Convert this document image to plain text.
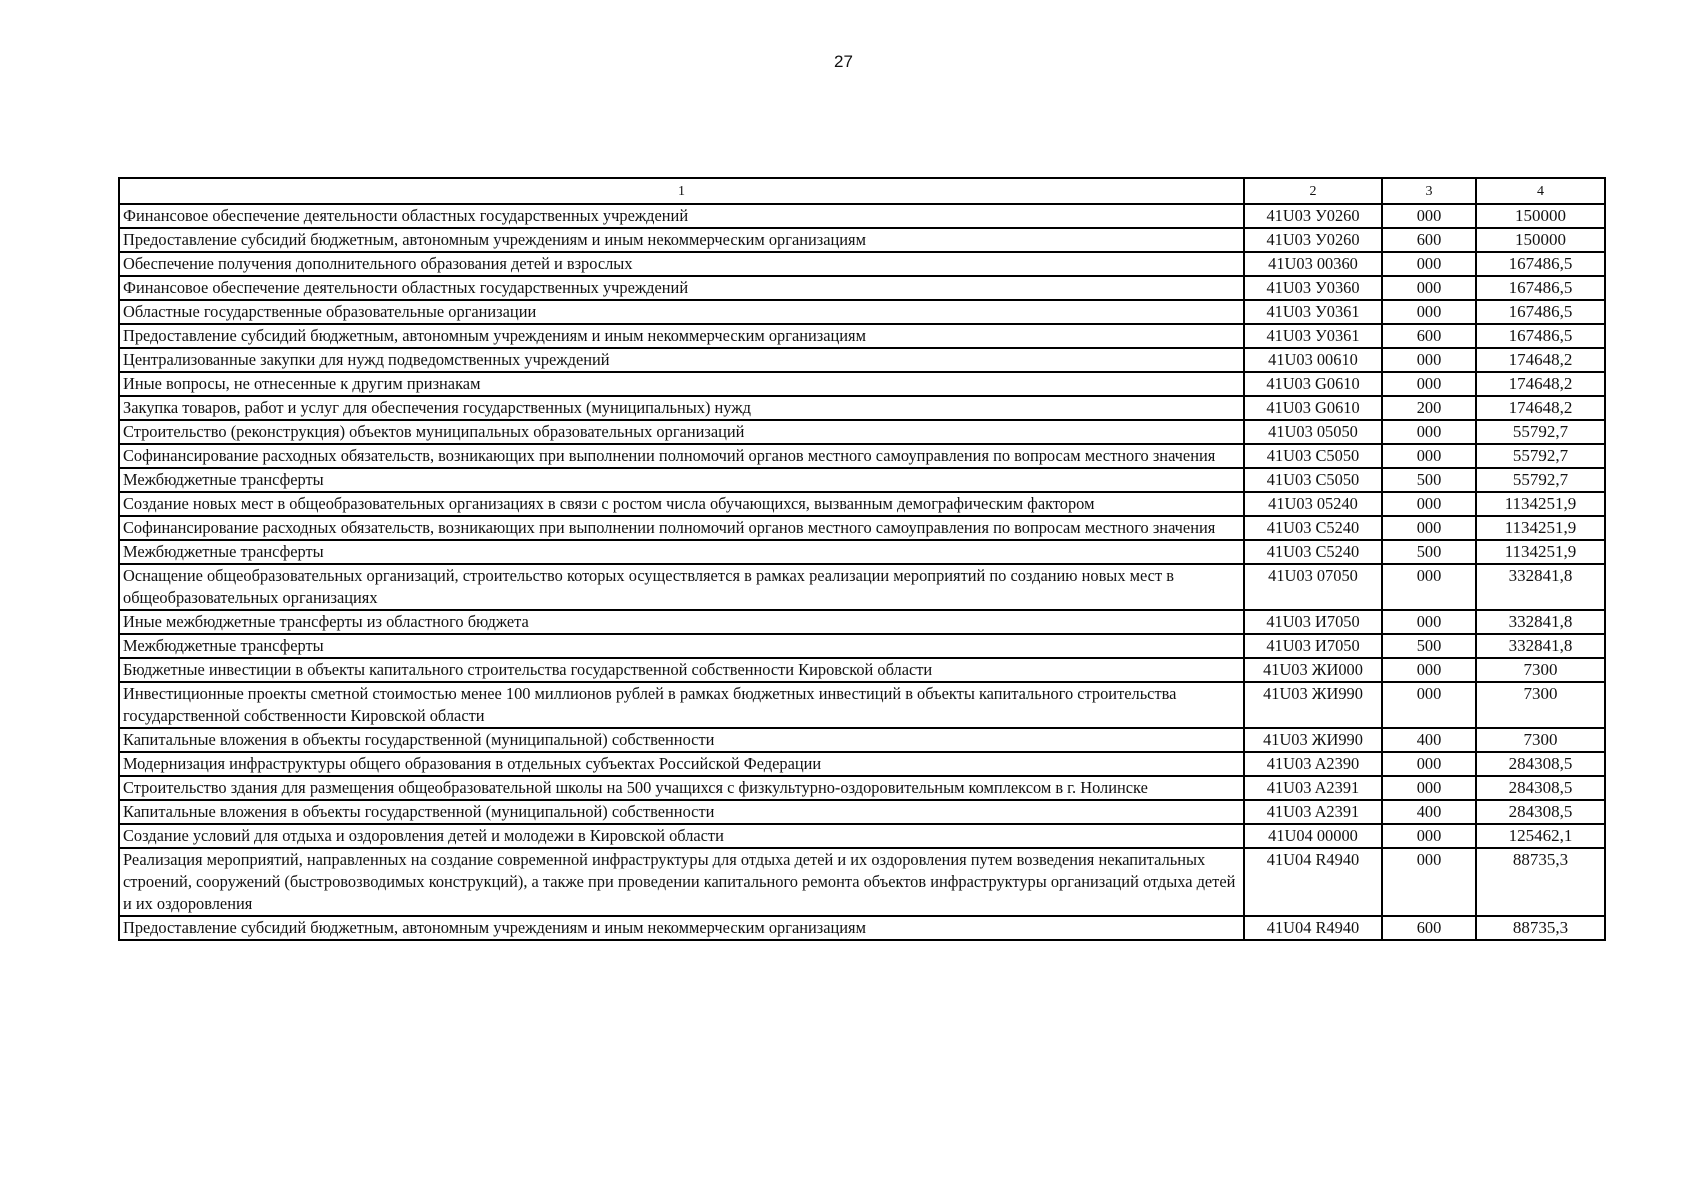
27
1	2	3	4
Финансовое обеспечение деятельности областных государственных учреждений	41U03 У0260	000	150000
Предоставление субсидий бюджетным, автономным учреждениям и иным некоммерческим организациям	41U03 У0260	600	150000
Обеспечение получения дополнительного образования детей и взрослых	41U03 00360	000	167486,5
Финансовое обеспечение деятельности областных государственных учреждений	41U03 У0360	000	167486,5
Областные государственные образовательные организации	41U03 У0361	000	167486,5
Предоставление субсидий бюджетным, автономным учреждениям и иным некоммерческим организациям	41U03 У0361	600	167486,5
Централизованные закупки для нужд подведомственных учреждений	41U03 00610	000	174648,2
Иные вопросы, не отнесенные к другим признакам	41U03 G0610	000	174648,2
Закупка товаров, работ и услуг для обеспечения государственных (муниципальных) нужд	41U03 G0610	200	174648,2
Строительство (реконструкция) объектов муниципальных образовательных организаций	41U03 05050	000	55792,7
Софинансирование расходных обязательств, возникающих при выполнении полномочий органов местного самоуправления по вопросам местного значения	41U03 C5050	000	55792,7
Межбюджетные трансферты	41U03 C5050	500	55792,7
Создание новых мест в общеобразовательных организациях в связи с ростом числа обучающихся, вызванным демографическим фактором	41U03 05240	000	1134251,9
Софинансирование расходных обязательств, возникающих при выполнении полномочий органов местного самоуправления по вопросам местного значения	41U03 C5240	000	1134251,9
Межбюджетные трансферты	41U03 C5240	500	1134251,9
Оснащение общеобразовательных организаций, строительство которых осуществляется в рамках реализации мероприятий по созданию новых мест в общеобразовательных организациях	41U03 07050	000	332841,8
Иные межбюджетные трансферты из областного бюджета	41U03 И7050	000	332841,8
Межбюджетные трансферты	41U03 И7050	500	332841,8
Бюджетные инвестиции в объекты капитального строительства государственной собственности Кировской области	41U03 ЖИ000	000	7300
Инвестиционные проекты сметной стоимостью менее 100 миллионов рублей в рамках бюджетных инвестиций в объекты капитального строительства государственной собственности Кировской области	41U03 ЖИ990	000	7300
Капитальные вложения в объекты государственной (муниципальной) собственности	41U03 ЖИ990	400	7300
Модернизация инфраструктуры общего образования в отдельных субъектах Российской Федерации	41U03 A2390	000	284308,5
Строительство здания для размещения общеобразовательной школы на 500 учащихся с физкультурно-оздоровительным комплексом в г. Нолинске	41U03 A2391	000	284308,5
Капитальные вложения в объекты государственной (муниципальной) собственности	41U03 A2391	400	284308,5
Создание условий для отдыха и оздоровления детей и молодежи в Кировской области	41U04 00000	000	125462,1
Реализация мероприятий, направленных на создание современной инфраструктуры для отдыха детей и их оздоровления путем возведения некапитальных строений, сооружений (быстровозводимых конструкций), а также при проведении капитального ремонта объектов инфраструктуры организаций отдыха детей и их оздоровления	41U04 R4940	000	88735,3
Предоставление субсидий бюджетным, автономным учреждениям и иным некоммерческим организациям	41U04 R4940	600	88735,3
